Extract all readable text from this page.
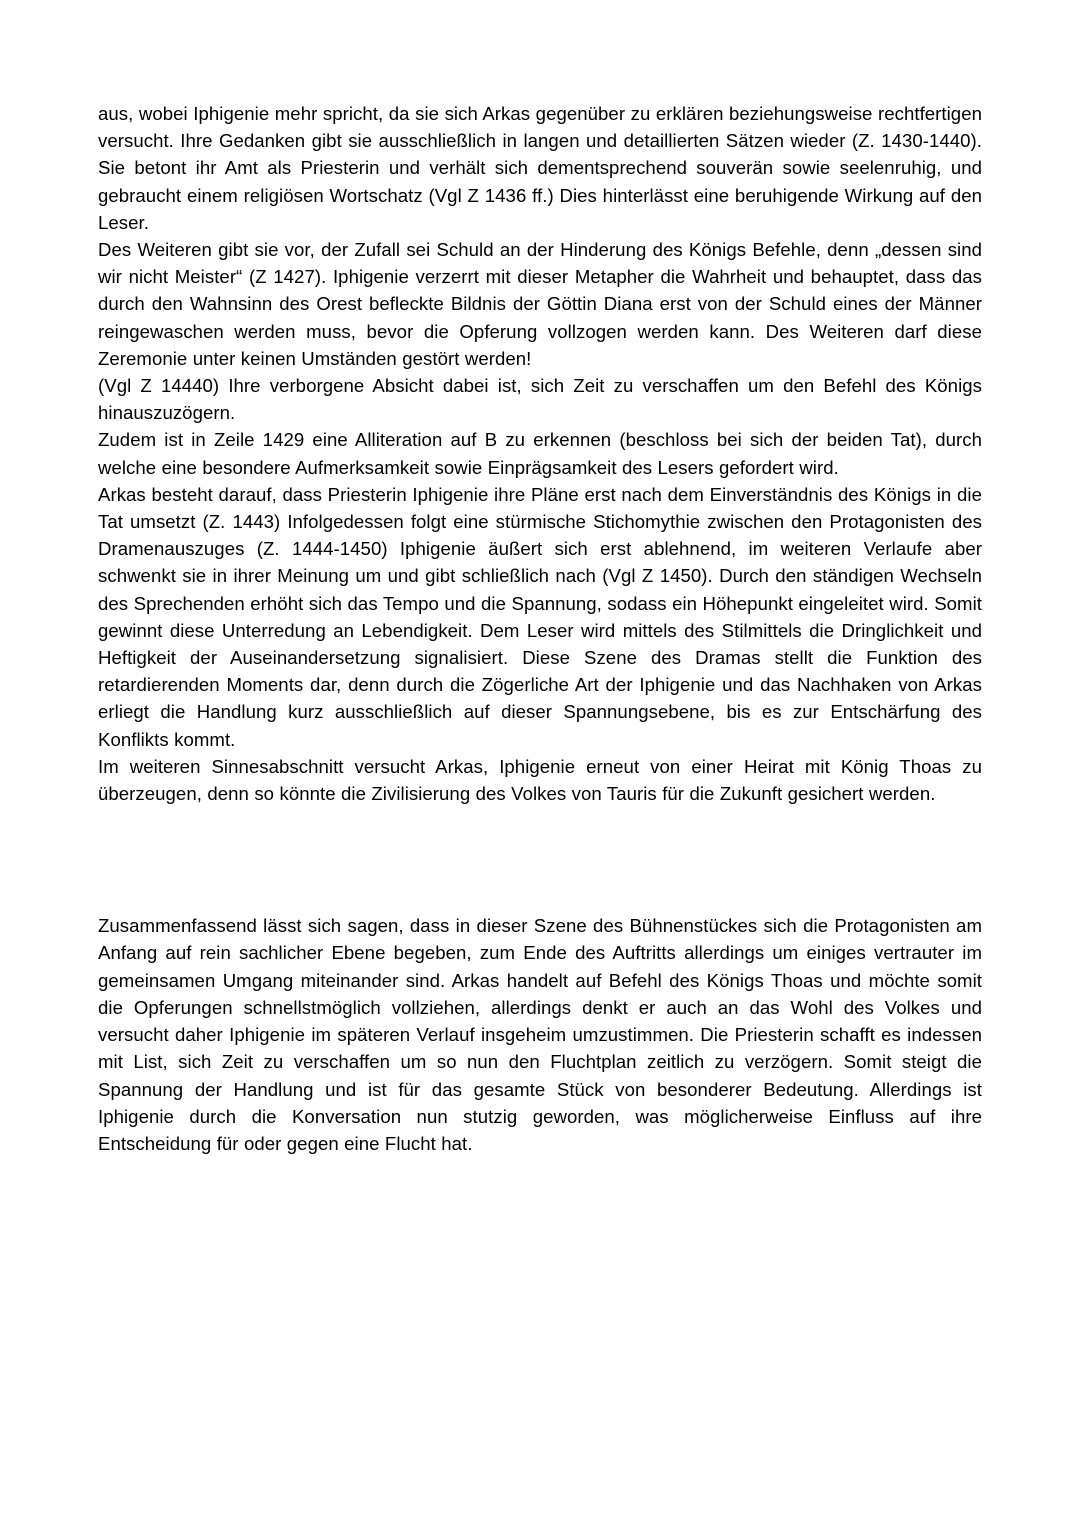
aus, wobei Iphigenie mehr spricht, da sie sich Arkas gegenüber zu erklären beziehungsweise rechtfertigen versucht. Ihre Gedanken gibt sie ausschließlich in langen und detaillierten Sätzen wieder (Z. 1430-1440). Sie betont ihr Amt als Priesterin und verhält sich dementsprechend souverän sowie seelenruhig, und gebraucht einem religiösen Wortschatz (Vgl Z 1436 ff.) Dies hinterlässt eine beruhigende Wirkung auf den Leser.

Des Weiteren gibt sie vor, der Zufall sei Schuld an der Hinderung des Königs Befehle, denn „dessen sind wir nicht Meister“ (Z 1427). Iphigenie verzerrt mit dieser Metapher die Wahrheit und behauptet, dass das durch den Wahnsinn des Orest befleckte Bildnis der Göttin Diana erst von der Schuld eines der Männer reingewaschen werden muss, bevor die Opferung vollzogen werden kann. Des Weiteren darf diese Zeremonie unter keinen Umständen gestört werden!

(Vgl Z 14440) Ihre verborgene Absicht dabei ist, sich Zeit zu verschaffen um den Befehl des Königs hinauszuzögern.

Zudem ist in Zeile 1429 eine Alliteration auf B zu erkennen (beschloss bei sich der beiden Tat), durch welche eine besondere Aufmerksamkeit sowie Einprägsamkeit des Lesers gefordert wird.

Arkas besteht darauf, dass Priesterin Iphigenie ihre Pläne erst nach dem Einverständnis des Königs in die Tat umsetzt (Z. 1443) Infolgedessen folgt eine stürmische Stichomythie zwischen den Protagonisten des Dramenauszuges (Z. 1444-1450) Iphigenie äußert sich erst ablehnend, im weiteren Verlaufe aber schwenkt sie in ihrer Meinung um und gibt schließlich nach (Vgl Z 1450). Durch den ständigen Wechseln des Sprechenden erhöht sich das Tempo und die Spannung, sodass ein Höhepunkt eingeleitet wird. Somit gewinnt diese Unterredung an Lebendigkeit. Dem Leser wird mittels des Stilmittels die Dringlichkeit und Heftigkeit der Auseinandersetzung signalisiert. Diese Szene des Dramas stellt die Funktion des retardierenden Moments dar, denn durch die Zögerliche Art der Iphigenie und das Nachhaken von Arkas erliegt die Handlung kurz ausschließlich auf dieser Spannungsebene, bis es zur Entschärfung des Konflikts kommt.

Im weiteren Sinnesabschnitt versucht Arkas, Iphigenie erneut von einer Heirat mit König Thoas zu überzeugen, denn so könnte die Zivilisierung des Volkes von Tauris für die Zukunft gesichert werden.

Zusammenfassend lässt sich sagen, dass in dieser Szene des Bühnenstückes sich die Protagonisten am Anfang auf rein sachlicher Ebene begeben, zum Ende des Auftritts allerdings um einiges vertrauter im gemeinsamen Umgang miteinander sind. Arkas handelt auf Befehl des Königs Thoas und möchte somit die Opferungen schnellstmöglich vollziehen, allerdings denkt er auch an das Wohl des Volkes und versucht daher Iphigenie im späteren Verlauf insgeheim umzustimmen. Die Priesterin schafft es indessen mit List, sich Zeit zu verschaffen um so nun den Fluchtplan zeitlich zu verzögern. Somit steigt die Spannung der Handlung und ist für das gesamte Stück von besonderer Bedeutung. Allerdings ist Iphigenie durch die Konversation nun stutzig geworden, was möglicherweise Einfluss auf ihre Entscheidung für oder gegen eine Flucht hat.
